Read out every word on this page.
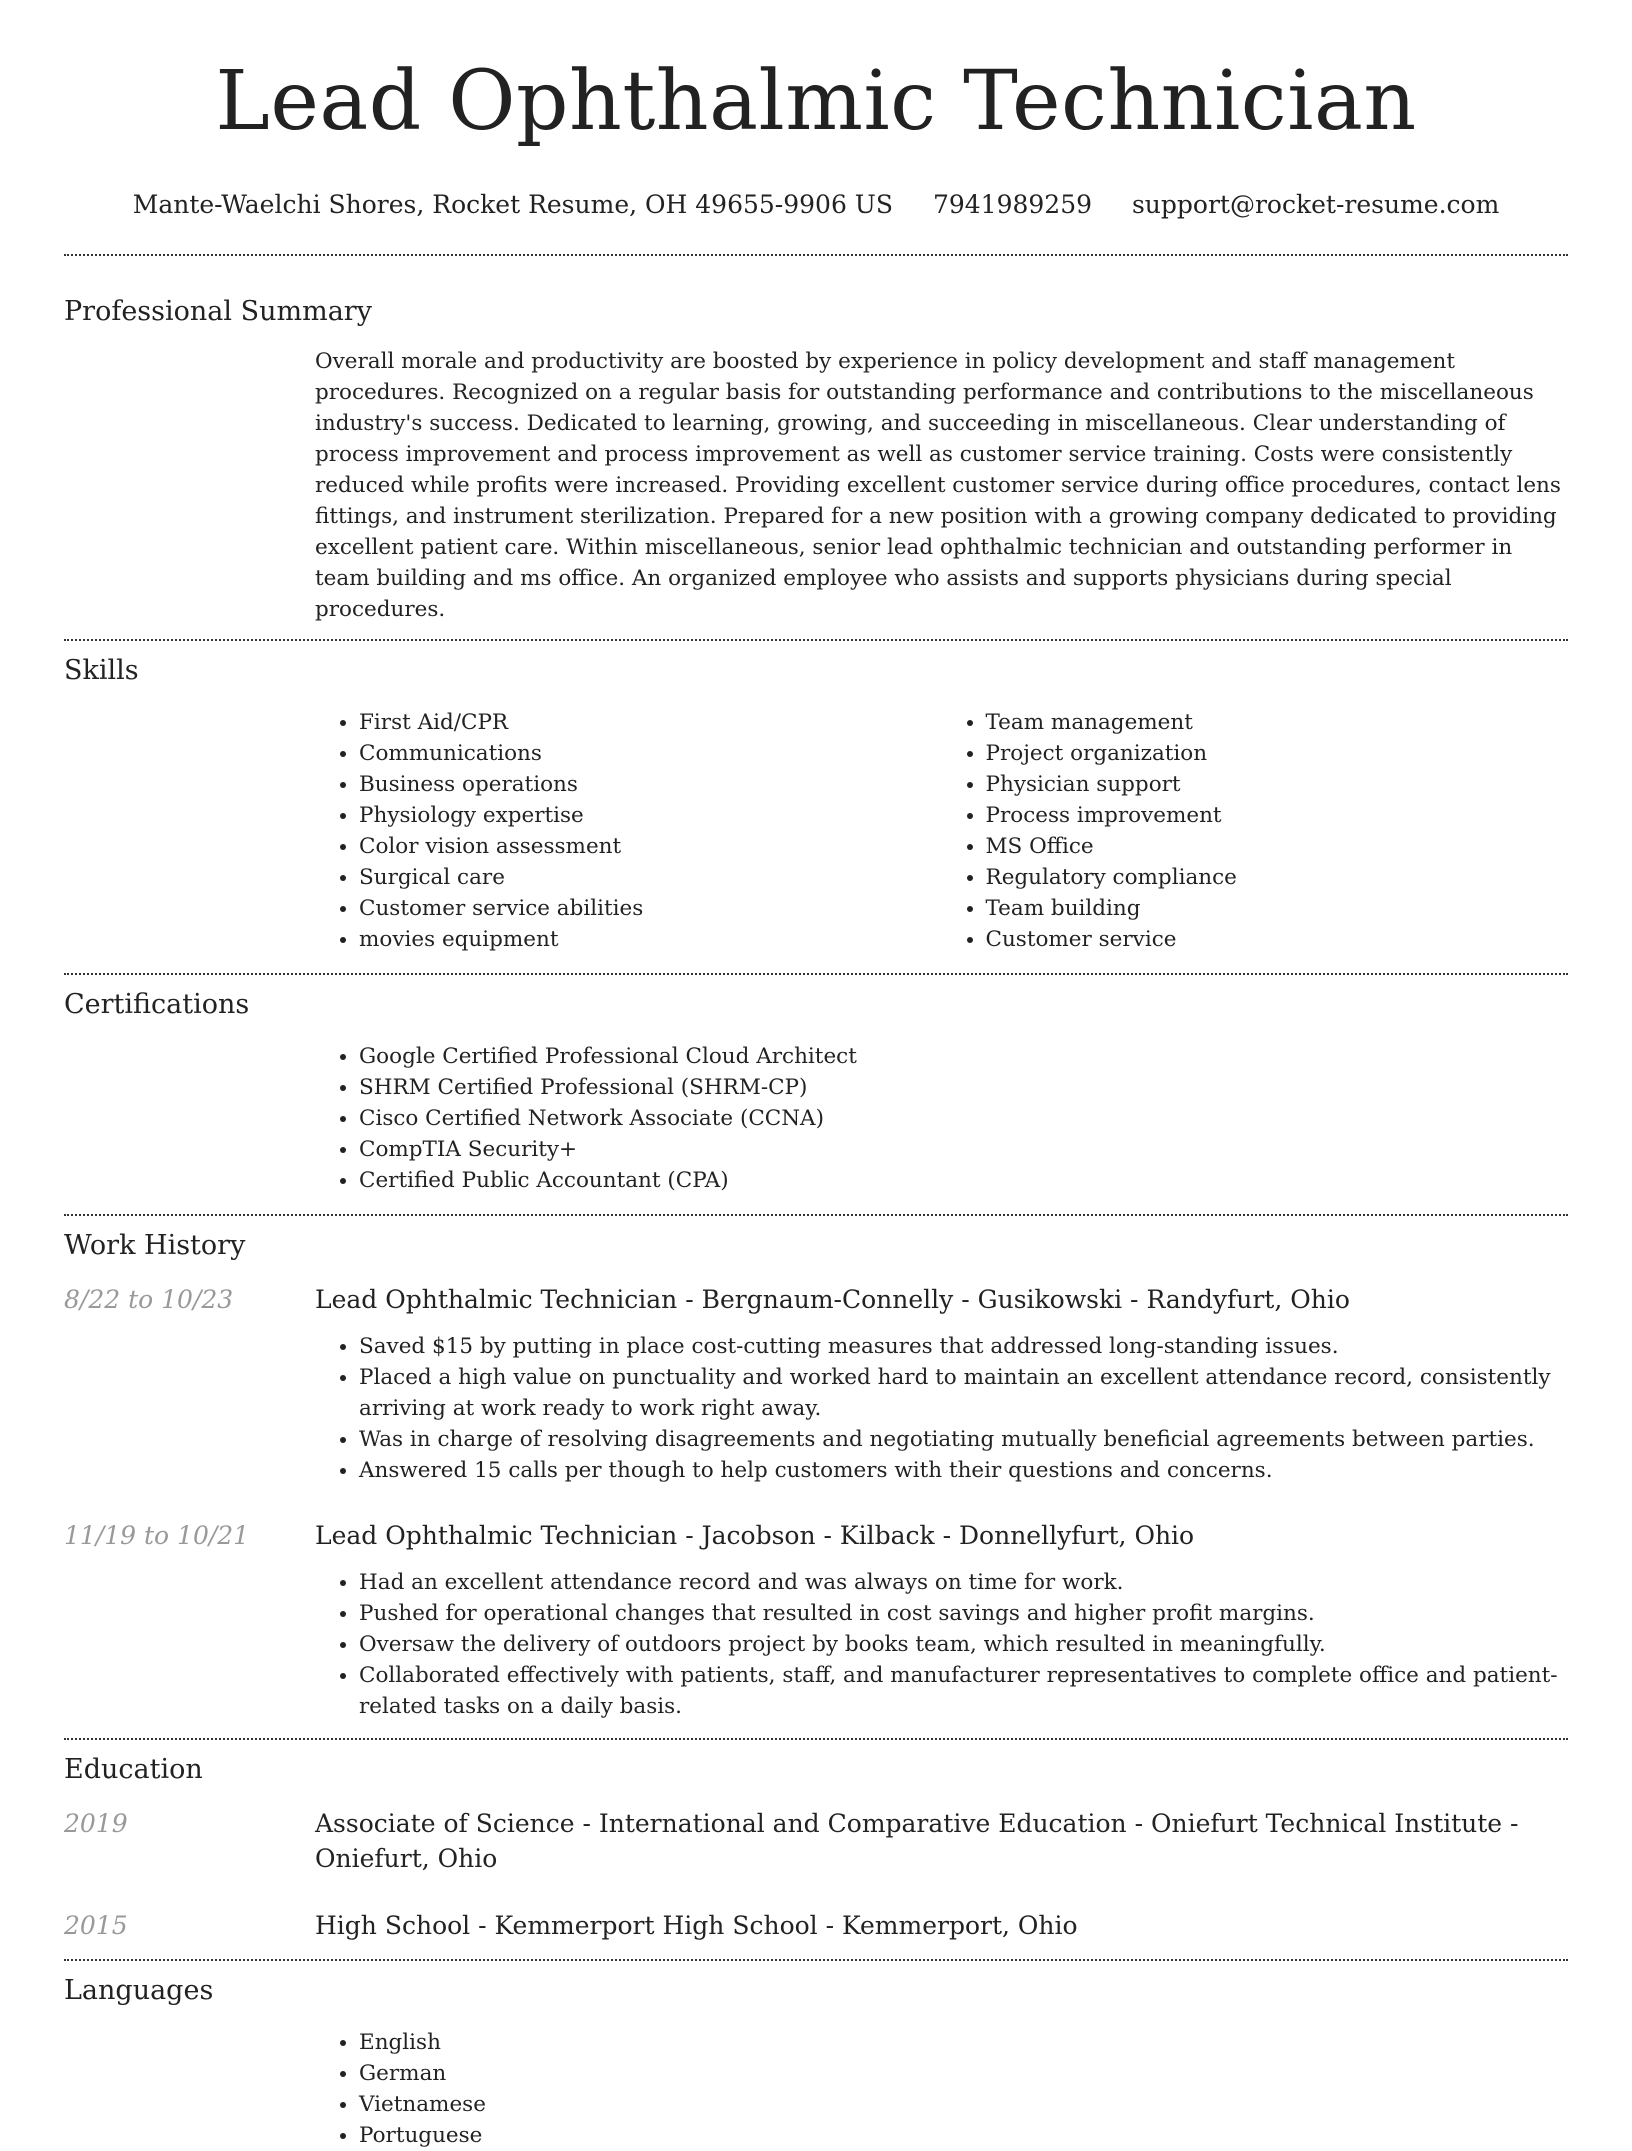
Lead Ophthalmic Technician
Mante-Waelchi Shores, Rocket Resume, OH 49655-9906 US 7941989259 support@rocket-resume.com
Professional Summary
Overall morale and productivity are boosted by experience in policy development and staff management procedures. Recognized on a regular basis for outstanding performance and contributions to the miscellaneous industry's success. Dedicated to learning, growing, and succeeding in miscellaneous. Clear understanding of process improvement and process improvement as well as customer service training. Costs were consistently reduced while profits were increased. Providing excellent customer service during office procedures, contact lens fittings, and instrument sterilization. Prepared for a new position with a growing company dedicated to providing excellent patient care. Within miscellaneous, senior lead ophthalmic technician and outstanding performer in team building and ms office. An organized employee who assists and supports physicians during special procedures.
Skills
• First Aid/CPR
• Communications
• Business operations
• Physiology expertise
• Color vision assessment
• Surgical care
• Customer service abilities
• movies equipment
• Team management
• Project organization
• Physician support
• Process improvement
• MS Office
• Regulatory compliance
• Team building
• Customer service
Certifications
• Google Certified Professional Cloud Architect
• SHRM Certified Professional (SHRM-CP)
• Cisco Certified Network Associate (CCNA)
• CompTIA Security+
• Certified Public Accountant (CPA)
Work History
8/22 to 10/23	Lead Ophthalmic Technician - Bergnaum-Connelly - Gusikowski - Randyfurt, Ohio
• Saved $15 by putting in place cost-cutting measures that addressed long-standing issues.
• Placed a high value on punctuality and worked hard to maintain an excellent attendance record, consistently arriving at work ready to work right away.
• Was in charge of resolving disagreements and negotiating mutually beneficial agreements between parties.
• Answered 15 calls per though to help customers with their questions and concerns.
11/19 to 10/21	Lead Ophthalmic Technician - Jacobson - Kilback - Donnellyfurt, Ohio
• Had an excellent attendance record and was always on time for work.
• Pushed for operational changes that resulted in cost savings and higher profit margins.
• Oversaw the delivery of outdoors project by books team, which resulted in meaningfully.
• Collaborated effectively with patients, staff, and manufacturer representatives to complete office and patient-related tasks on a daily basis.
Education
2019	Associate of Science - International and Comparative Education - Oniefurt Technical Institute - Oniefurt, Ohio
2015	High School - Kemmerport High School - Kemmerport, Ohio
Languages
• English
• German
• Vietnamese
• Portuguese
